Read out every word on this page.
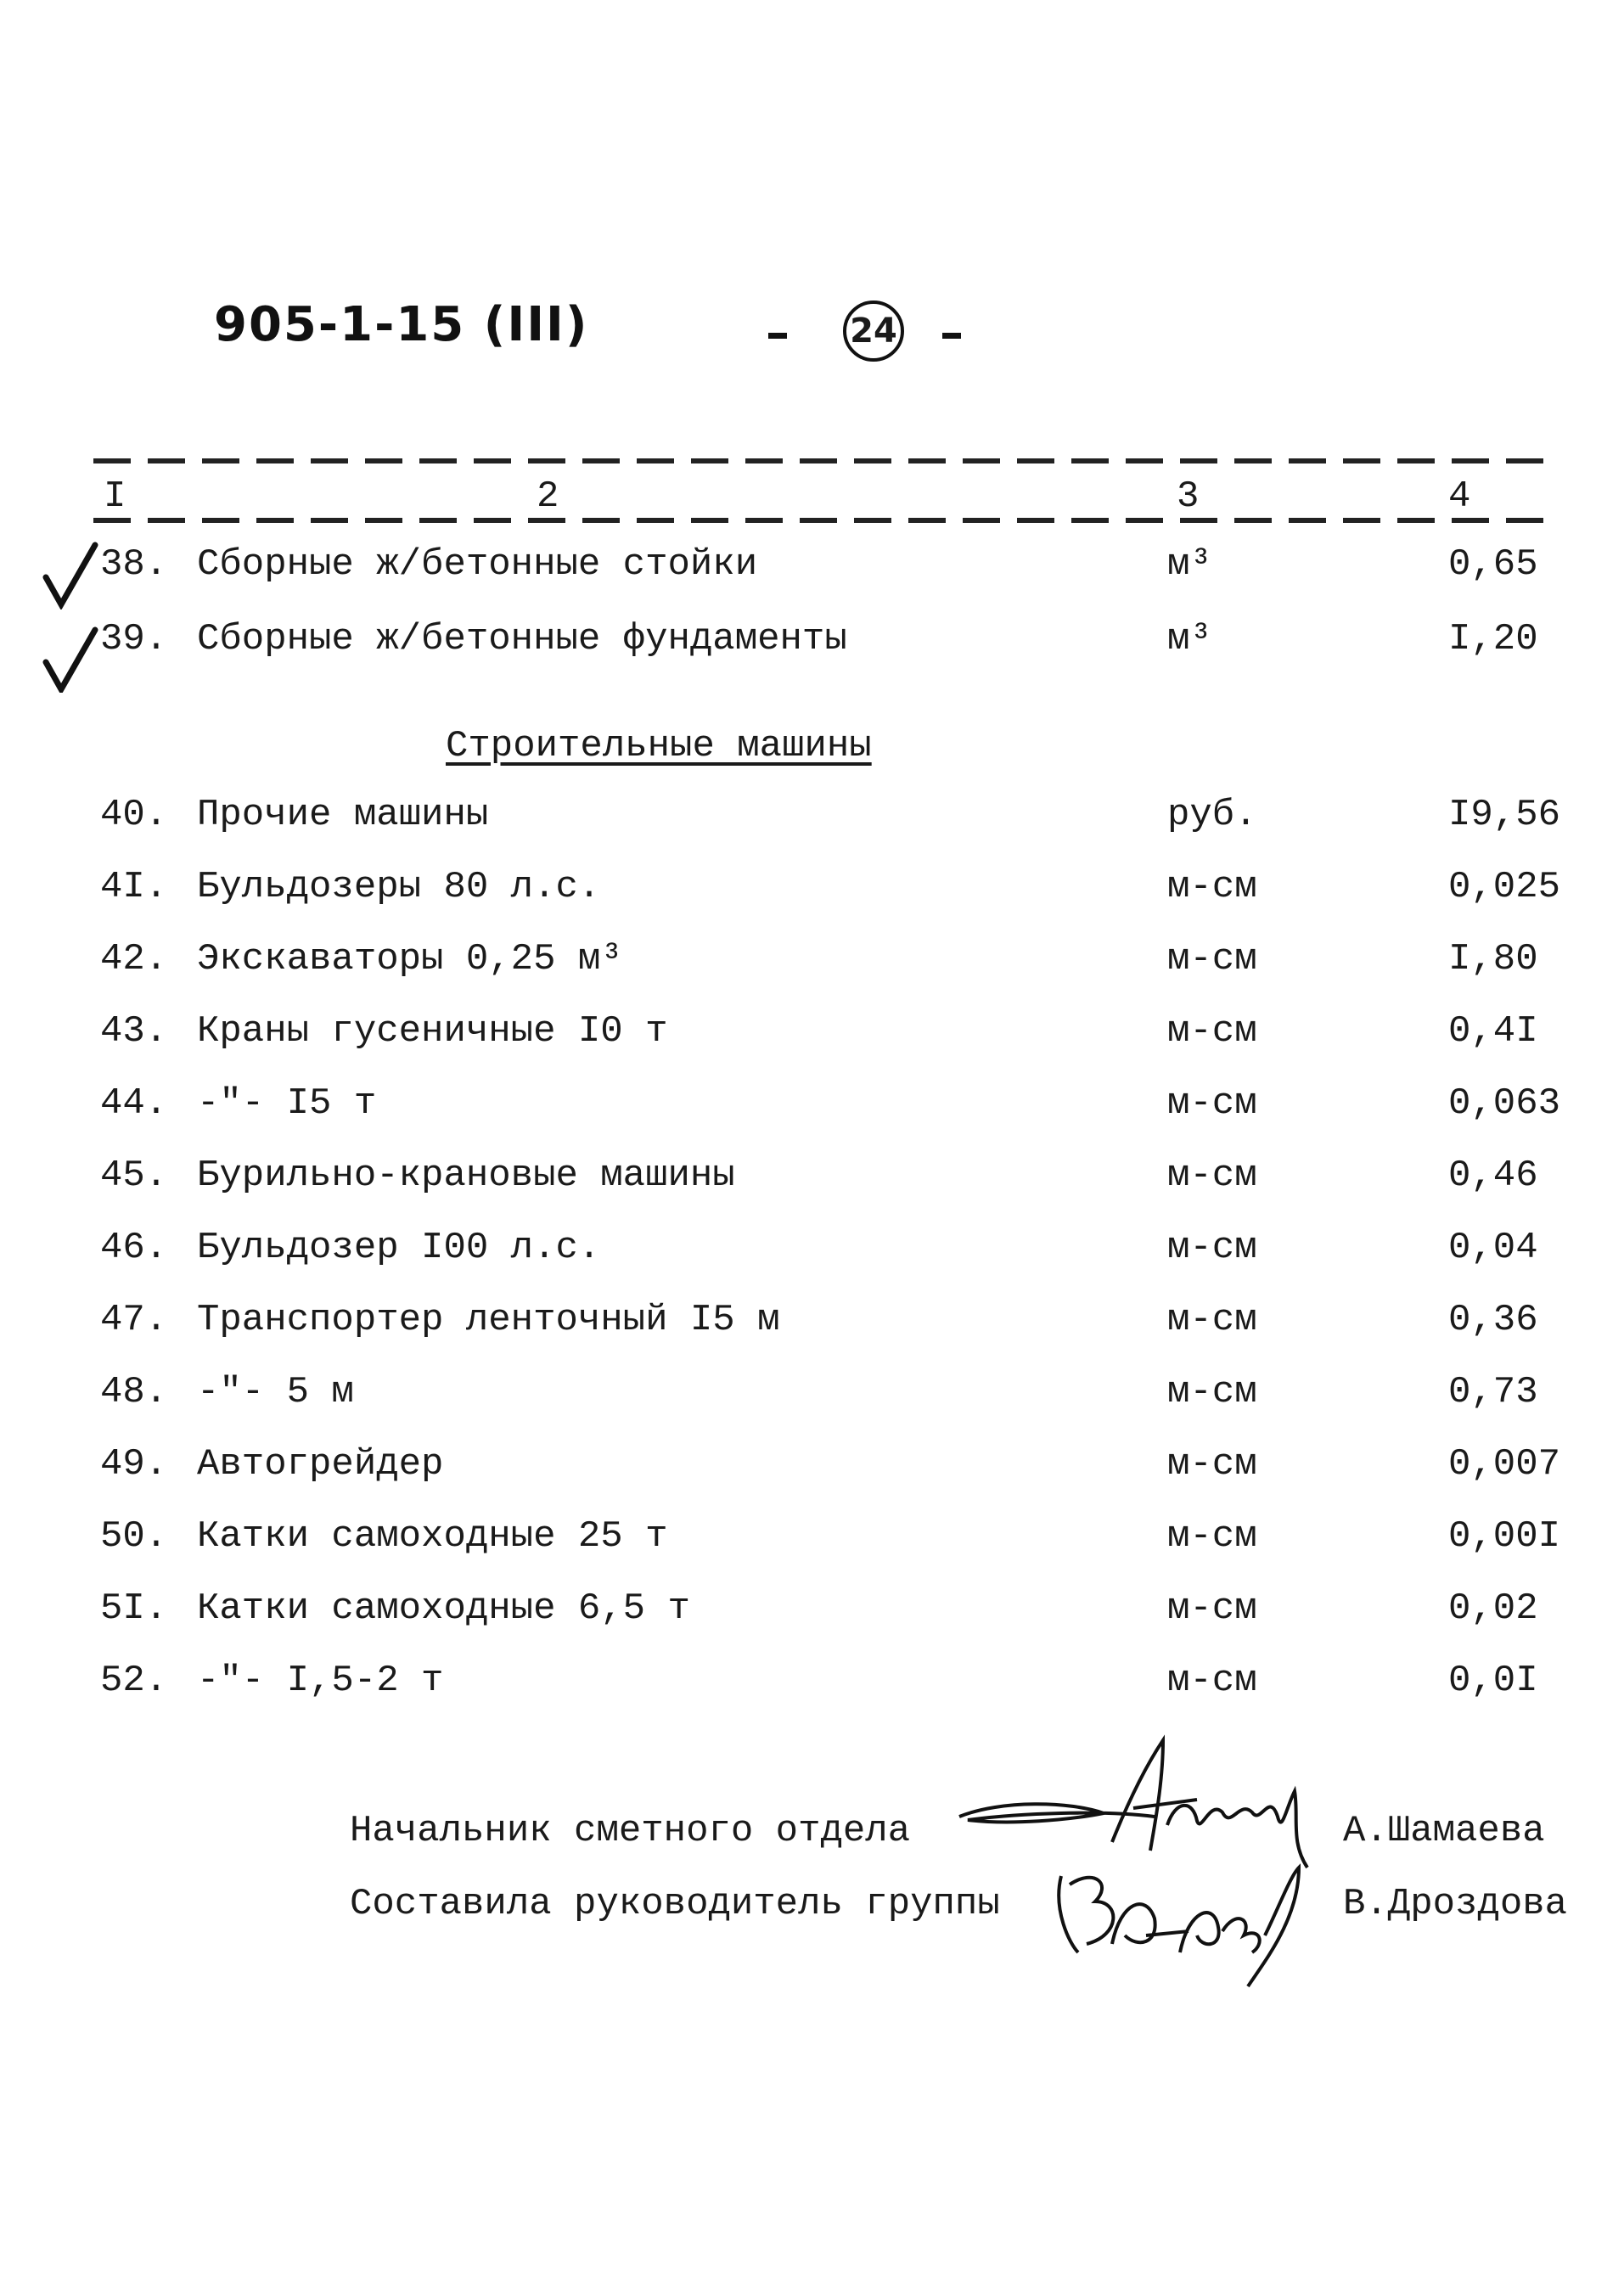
905-1-15 (III)	24
I	2	3	4
38. Сборные ж/бетонные стойки	м³	0,65
39. Сборные ж/бетонные фундаменты	м³	I,20
Строительные машины
40. Прочие машины	руб.	I9,56
4I. Бульдозеры 80 л.с.	м-см	0,025
42. Экскаваторы 0,25 м³	м-см	I,80
43. Краны гусеничные I0 т	м-см	0,4I
44. -"- I5 т	м-см	0,063
45. Бурильно-крановые машины	м-см	0,46
46. Бульдозер I00 л.с.	м-см	0,04
47. Транспортер ленточный I5 м	м-см	0,36
48. -"- 5 м	м-см	0,73
49. Автогрейдер	м-см	0,007
50. Катки самоходные 25 т	м-см	0,00I
5I. Катки самоходные 6,5 т	м-см	0,02
52. -"- I,5-2 т	м-см	0,0I
Начальник сметного отдела	А.Шамаева
Составила руководитель группы	В.Дроздова
